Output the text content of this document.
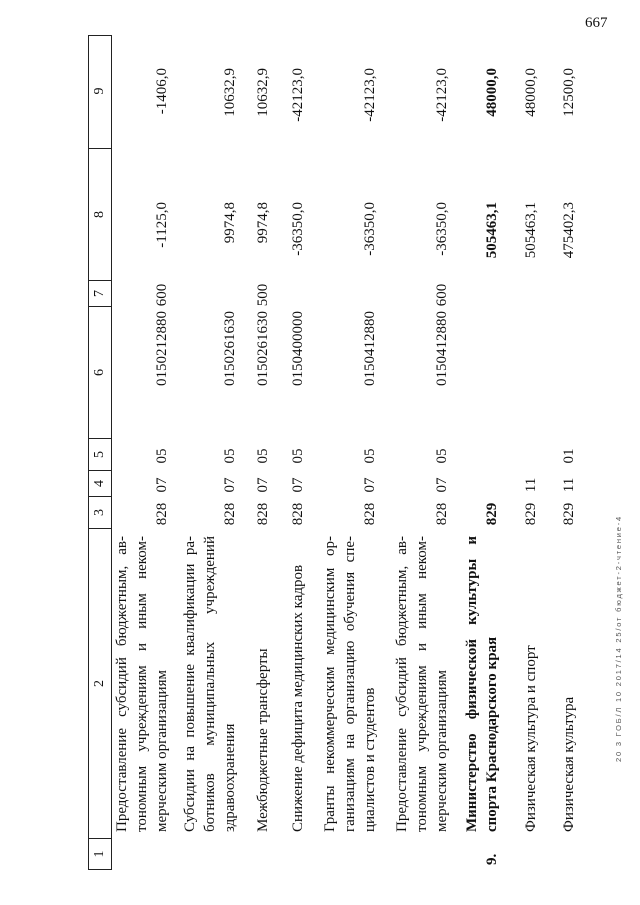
667
1
2
3
4
5
6
7
8
9
Предоставление субсидий бюджетным, ав- тономным учреждениям и иным неком- мерческим организациям
828
07
05
0150212880
600
-1125,0
-1406,0
Субсидии на повышение квалификации ра- ботников муниципальных учреждений здравоохранения
828
07
05
0150261630
9974,8
10632,9
Межбюджетные трансферты
828
07
05
0150261630
500
9974,8
10632,9
Снижение дефицита медицинских кадров
828
07
05
0150400000
-36350,0
-42123,0
Гранты некоммерческим медицинским ор- ганизациям на организацию обучения спе- циалистов и студентов
828
07
05
0150412880
-36350,0
-42123,0
Предоставление субсидий бюджетным, ав- тономным учреждениям и иным неком- мерческим организациям
828
07
05
0150412880
600
-36350,0
-42123,0
9.
Министерство физической культуры и спорта Краснодарского края
829
505463,1
48000,0
Физическая культура и спорт
829
11
505463,1
48000,0
Физическая культура
829
11
01
475402,3
12500,0
20 3 ГОБ/Л 10 2017/14 25/от бюджет-2-чтение-4
